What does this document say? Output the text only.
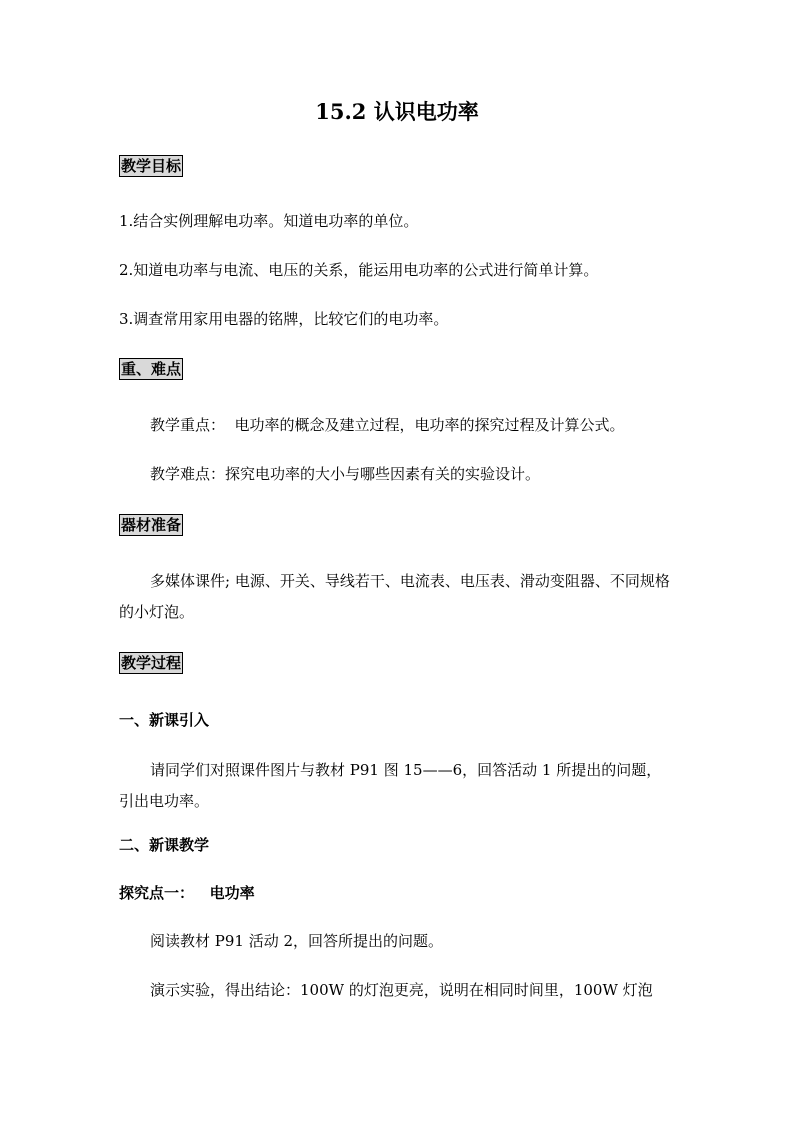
15.2 认识电功率
教学目标
1.结合实例理解电功率。知道电功率的单位。
2.知道电功率与电流、电压的关系，能运用电功率的公式进行简单计算。
3.调查常用家用电器的铭牌，比较它们的电功率。
重、难点
教学重点：  电功率的概念及建立过程，电功率的探究过程及计算公式。
教学难点：探究电功率的大小与哪些因素有关的实验设计。
器材准备
多媒体课件; 电源、开关、导线若干、电流表、电压表、滑动变阻器、不同规格的小灯泡。
教学过程
一、新课引入
请同学们对照课件图片与教材 P91 图 15——6，回答活动 1 所提出的问题，引出电功率。
二、新课教学
探究点一：   电功率
阅读教材 P91 活动 2，回答所提出的问题。
演示实验，得出结论：100W 的灯泡更亮，说明在相同时间里，100W 灯泡
